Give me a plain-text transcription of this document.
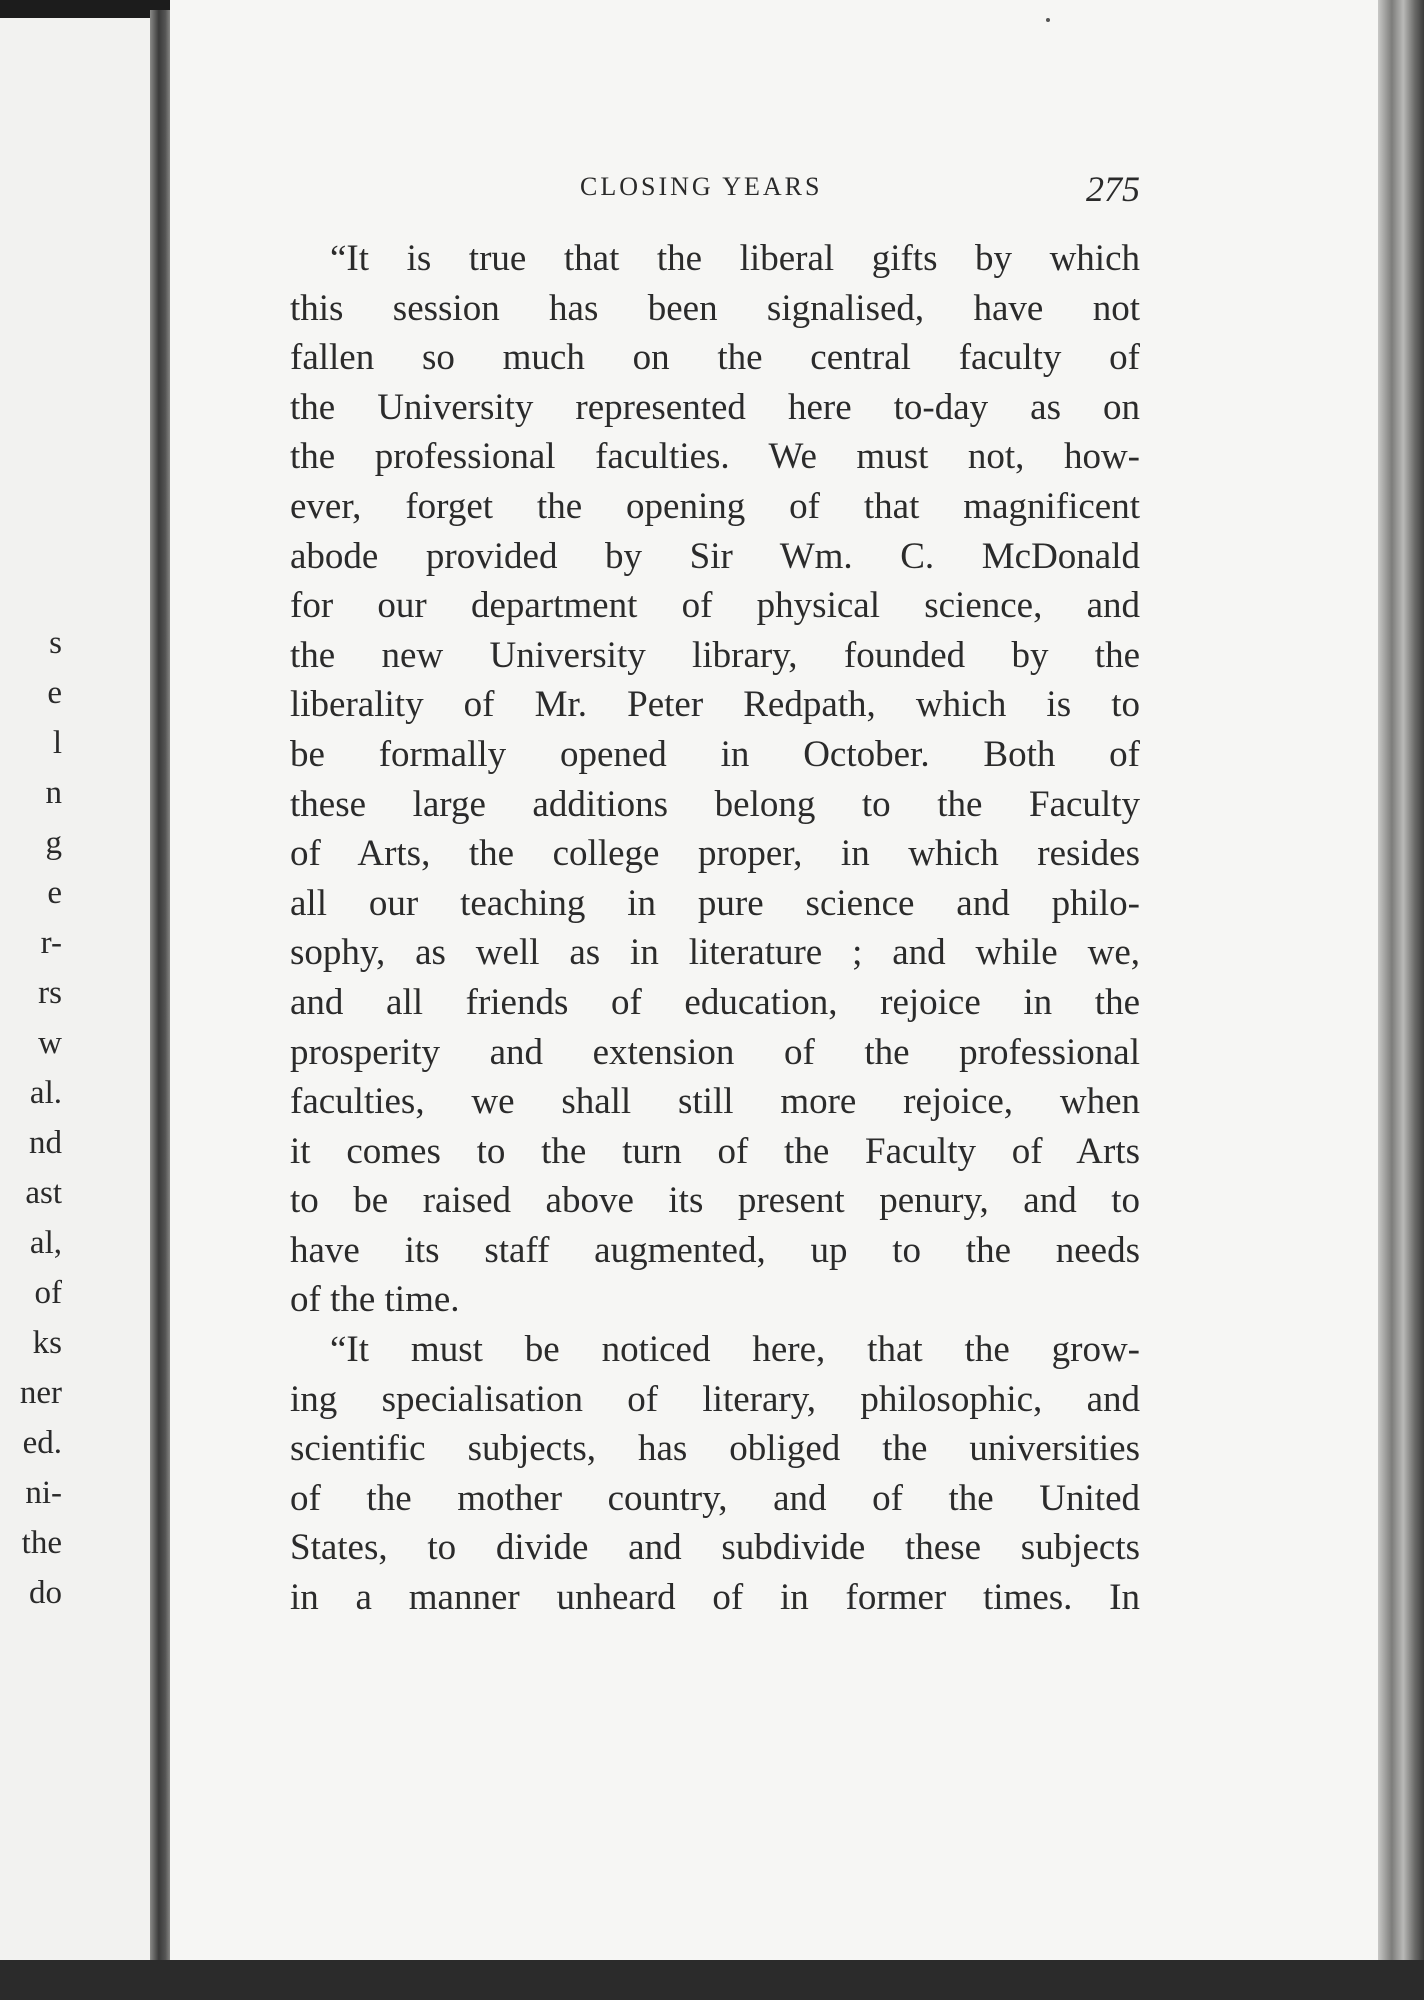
s
e
l
n
g
e
r-
rs
w
al.
nd
ast
al,
of
ks
ner
ed.
ni-
the
do
CLOSING YEARS	275
“It is true that the liberal gifts by which
this session has been signalised, have not
fallen so much on the central faculty of
the University represented here to-day as on
the professional faculties. We must not, how-
ever, forget the opening of that magnificent
abode provided by Sir Wm. C. McDonald
for our department of physical science, and
the new University library, founded by the
liberality of Mr. Peter Redpath, which is to
be formally opened in October. Both of
these large additions belong to the Faculty
of Arts, the college proper, in which resides
all our teaching in pure science and philo-
sophy, as well as in literature ; and while we,
and all friends of education, rejoice in the
prosperity and extension of the professional
faculties, we shall still more rejoice, when
it comes to the turn of the Faculty of Arts
to be raised above its present penury, and to
have its staff augmented, up to the needs
of the time.
“It must be noticed here, that the grow-
ing specialisation of literary, philosophic, and
scientific subjects, has obliged the universities
of the mother country, and of the United
States, to divide and subdivide these subjects
in a manner unheard of in former times. In
